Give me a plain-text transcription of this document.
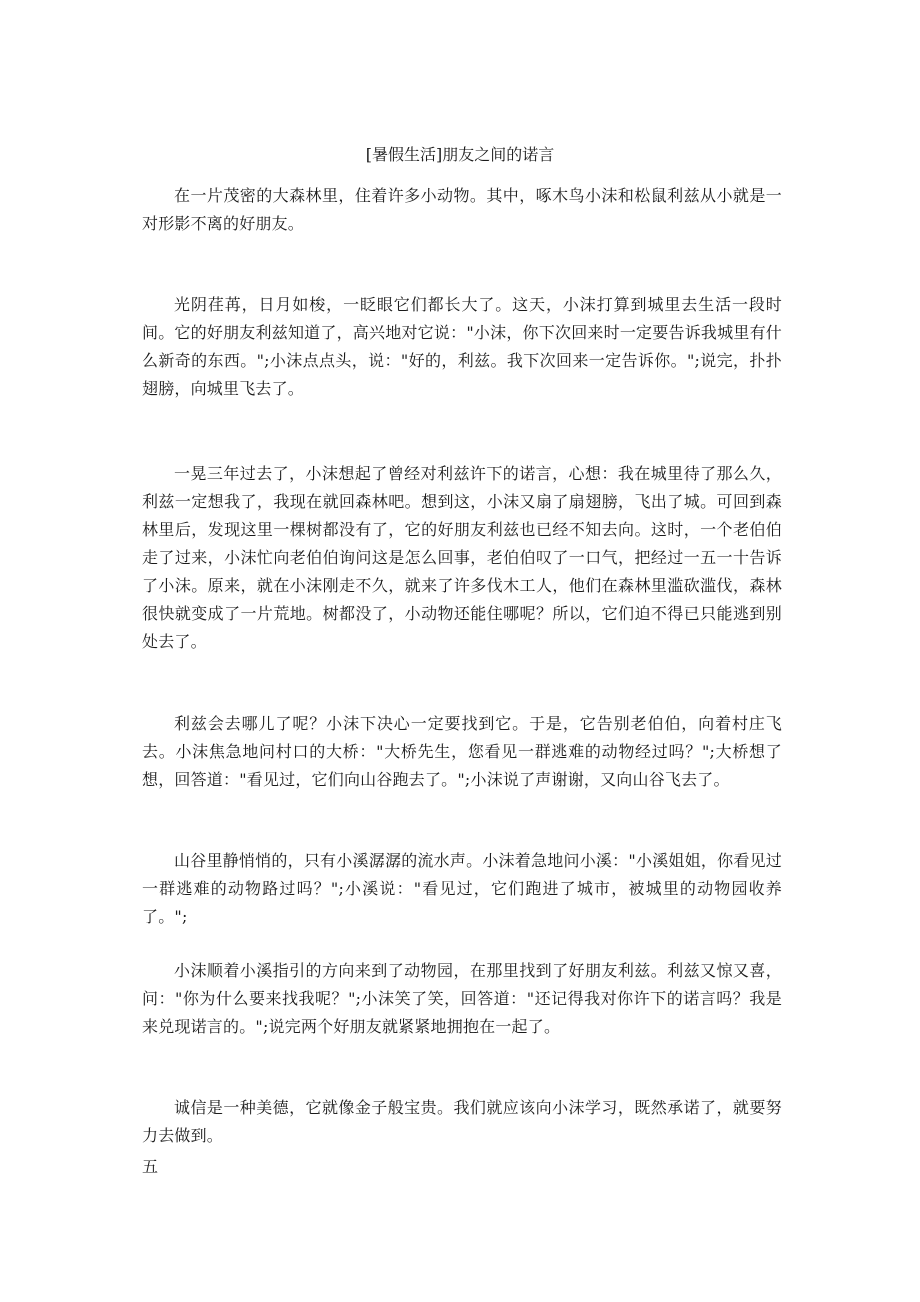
[暑假生活]朋友之间的诺言

在一片茂密的大森林里，住着许多小动物。其中，啄木鸟小沫和松鼠利兹从小就是一对形影不离的好朋友。

光阴荏苒，日月如梭，一眨眼它们都长大了。这天，小沫打算到城里去生活一段时间。它的好朋友利兹知道了，高兴地对它说："小沫，你下次回来时一定要告诉我城里有什么新奇的东西。";小沫点点头，说："好的，利兹。我下次回来一定告诉你。";说完，扑扑翅膀，向城里飞去了。

一晃三年过去了，小沫想起了曾经对利兹许下的诺言，心想：我在城里待了那么久，利兹一定想我了，我现在就回森林吧。想到这，小沫又扇了扇翅膀，飞出了城。可回到森林里后，发现这里一棵树都没有了，它的好朋友利兹也已经不知去向。这时，一个老伯伯走了过来，小沫忙向老伯伯询问这是怎么回事，老伯伯叹了一口气，把经过一五一十告诉了小沫。原来，就在小沫刚走不久，就来了许多伐木工人，他们在森林里滥砍滥伐，森林很快就变成了一片荒地。树都没了，小动物还能住哪呢？所以，它们迫不得已只能逃到别处去了。

利兹会去哪儿了呢？小沫下决心一定要找到它。于是，它告别老伯伯，向着村庄飞去。小沫焦急地问村口的大桥："大桥先生，您看见一群逃难的动物经过吗？";大桥想了想，回答道："看见过，它们向山谷跑去了。";小沫说了声谢谢，又向山谷飞去了。

山谷里静悄悄的，只有小溪潺潺的流水声。小沫着急地问小溪："小溪姐姐，你看见过一群逃难的动物路过吗？";小溪说："看见过，它们跑进了城市，被城里的动物园收养了。";

小沫顺着小溪指引的方向来到了动物园，在那里找到了好朋友利兹。利兹又惊又喜，问："你为什么要来找我呢？";小沫笑了笑，回答道："还记得我对你许下的诺言吗？我是来兑现诺言的。";说完两个好朋友就紧紧地拥抱在一起了。

诚信是一种美德，它就像金子般宝贵。我们就应该向小沫学习，既然承诺了，就要努力去做到。

五
